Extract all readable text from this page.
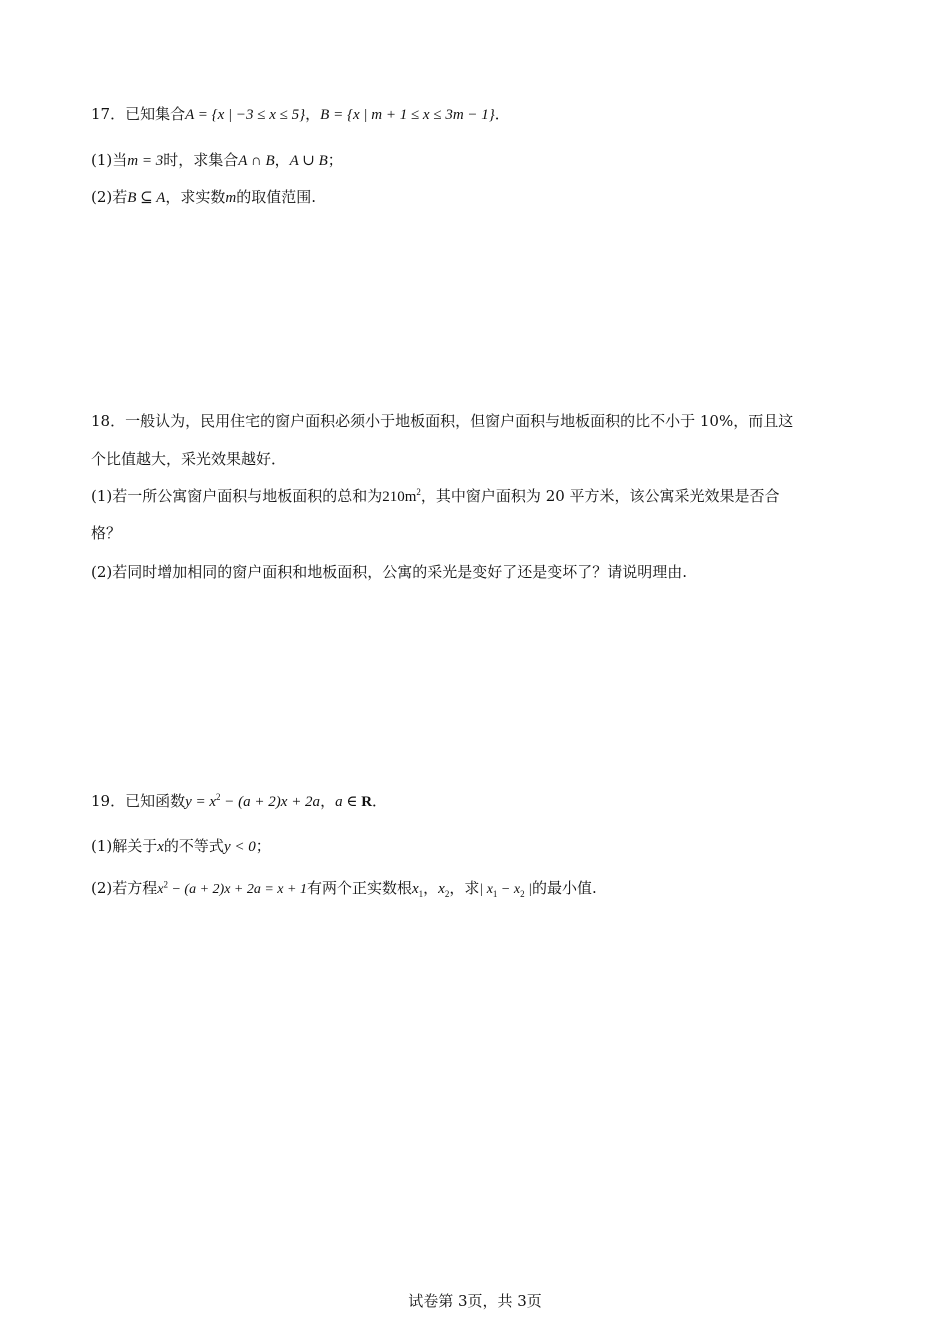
17．已知集合A = {x | −3 ≤ x ≤ 5}，B = {x | m + 1 ≤ x ≤ 3m − 1}．
(1)当m = 3时，求集合A ∩ B，A ∪ B；
(2)若B ⊆ A，求实数m的取值范围.
18．一般认为，民用住宅的窗户面积必须小于地板面积，但窗户面积与地板面积的比不小于 10%，而且这
个比值越大，采光效果越好．
(1)若一所公寓窗户面积与地板面积的总和为$210m^2$，其中窗户面积为 20 平方米，该公寓采光效果是否合
格？
(2)若同时增加相同的窗户面积和地板面积，公寓的采光是变好了还是变坏了？请说明理由.
19．已知函数$y = x^2 - (a + 2)x + 2a$，a ∈ R．
(1)解关于x的不等式y < 0；
(2)若方程$x^2 - (a + 2)x + 2a = x + 1$有两个正实数根$x_1$，$x_2$，求| $x_1 - x_2$ |的最小值.
试卷第 3页，共 3页
